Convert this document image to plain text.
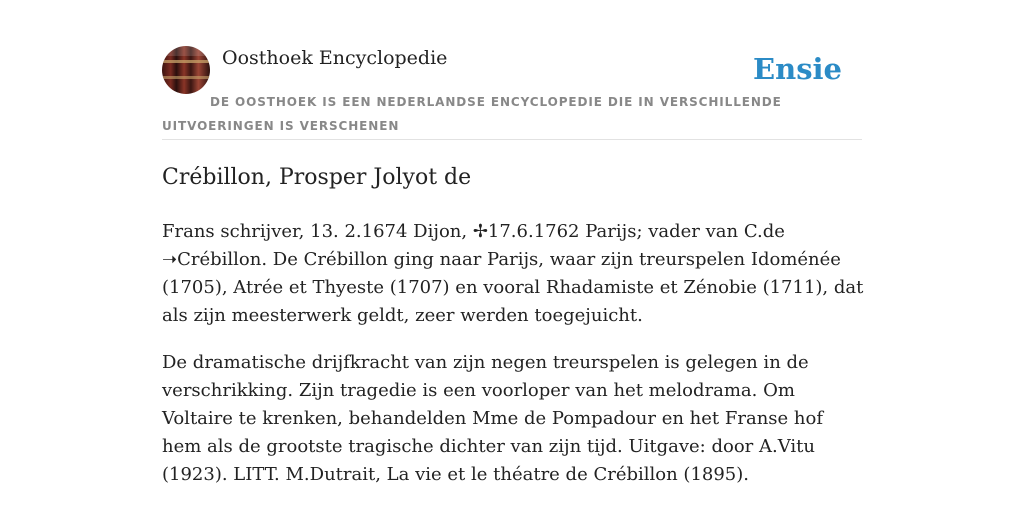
Oosthoek Encyclopedie	Ensie
DE OOSTHOEK IS EEN NEDERLANDSE ENCYCLOPEDIE DIE IN VERSCHILLENDE UITVOERINGEN IS VERSCHENEN
Crébillon, Prosper Jolyot de

Frans schrijver, 13. 2.1674 Dijon, ✢17.6.1762 Parijs; vader van C.de ➝Crébillon. De Crébillon ging naar Parijs, waar zijn treurspelen Idoménée (1705), Atrée et Thyeste (1707) en vooral Rhadamiste et Zénobie (1711), dat als zijn meesterwerk geldt, zeer werden toegejuicht.

De dramatische drijfkracht van zijn negen treurspelen is gelegen in de verschrikking. Zijn tragedie is een voorloper van het melodrama. Om Voltaire te krenken, behandelden Mme de Pompadour en het Franse hof hem als de grootste tragische dichter van zijn tijd. Uitgave: door A.Vitu (1923). LITT. M.Dutrait, La vie et le théatre de Crébillon (1895).
